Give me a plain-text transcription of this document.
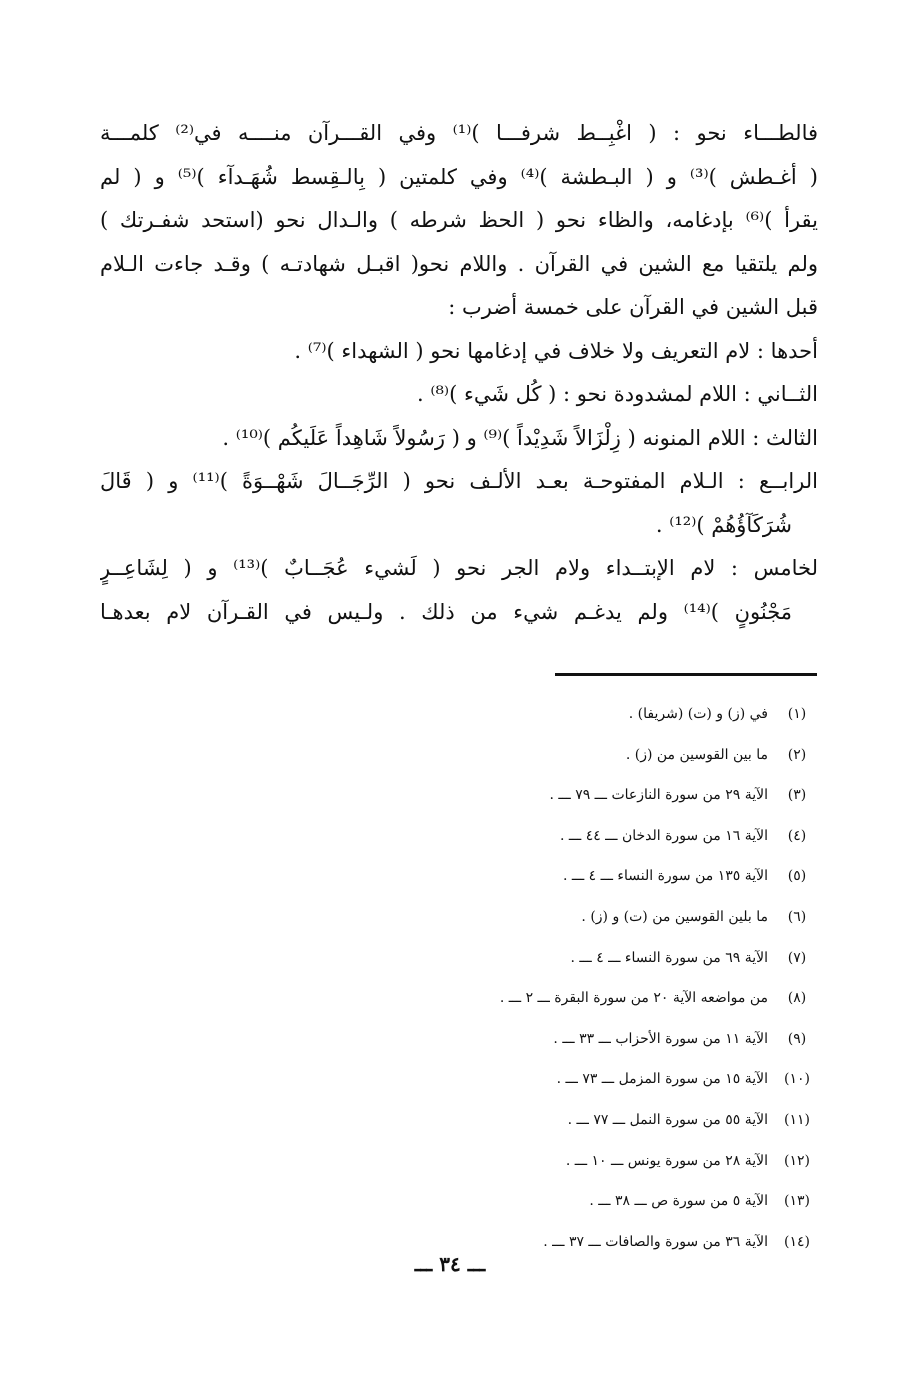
فالطـــاء نحو : ( اغْبِــط شرفـــا )⁽¹⁾ وفي القـــرآن منــــه في⁽²⁾ كلمـــة
( أغـطش )⁽³⁾ و ( البـطشة )⁽⁴⁾ وفي كلمتين ( بِالـقِسط شُهَـدآء )⁽⁵⁾ و ( لم
يقرأ )⁽⁶⁾ بإدغامه، والظاء نحو ( الحظ شرطه ) والـدال نحو (استحد شفـرتك )
ولم يلتقيا مع الشين في القرآن . واللام نحو( اقبـل شهادتـه ) وقـد جاءت الـلام
قبل الشين في القرآن على خمسة أضرب :
أحدها : لام التعريف ولا خلاف في إدغامها نحو ( الشهداء )⁽⁷⁾ .
الثــاني : اللام لمشدودة نحو : ( كُل شَيء )⁽⁸⁾ .
الثالث : اللام المنونه ( زِلْزَالاً شَدِيْداً )⁽⁹⁾ و ( رَسُولاً شَاهِداً عَلَيكُم )⁽¹⁰⁾ .
الرابــع : الـلام المفتوحـة بعـد الألـف نحو ( الرِّجَــالَ شَهْــوَةً )⁽¹¹⁾ و ( قَالَ
شُرَكَآؤُهُمْ )⁽¹²⁾ .
لخامس : لام الإبتــداء ولام الجر نحو ( لَشيء عُجَــابٌ )⁽¹³⁾ و ( لِشَاعِــرٍ
مَجْنُونٍ )⁽¹⁴⁾ ولم يدغـم شيء من ذلك . ولـيس في القـرآن لام بعدهـا
(١)
في (ز) و (ت) (شريفا) .
(٢)
ما بين القوسين من (ز) .
(٣)
الآية ٢٩ من سورة النازعات ـــ ٧٩ ـــ .
(٤)
الآية ١٦ من سورة الدخان ـــ ٤٤ ـــ .
(٥)
الآية ١٣٥ من سورة النساء ـــ ٤ ـــ .
(٦)
ما بلين القوسين من (ت) و (ز) .
(٧)
الآية ٦٩ من سورة النساء ـــ ٤ ـــ .
(٨)
من مواضعه الآية ٢٠ من سورة البقرة ـــ ٢ ـــ .
(٩)
الآية ١١ من سورة الأحزاب ـــ ٣٣ ـــ .
(١٠)
الآية ١٥ من سورة المزمل ـــ ٧٣ ـــ .
(١١)
الآية ٥٥ من سورة النمل ـــ ٧٧ ـــ .
(١٢)
الآية ٢٨ من سورة يونس ـــ ١٠ ـــ .
(١٣)
الآية ٥ من سورة ص ـــ ٣٨ ـــ .
(١٤)
الآية ٣٦ من سورة والصافات ـــ ٣٧ ـــ .
ـــ ٣٤ ـــ
